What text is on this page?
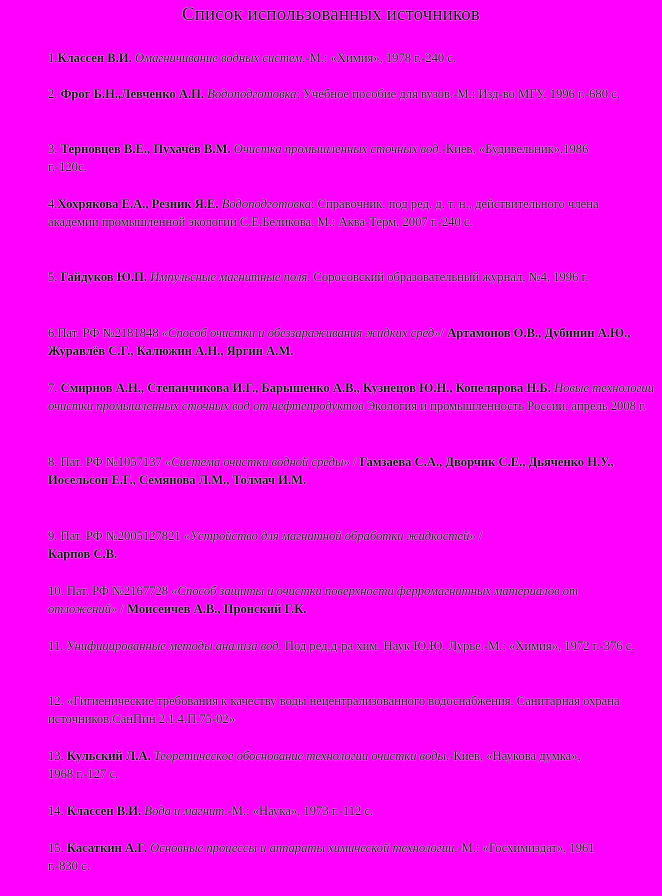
Список использованных источников

1.Классен В.И. Омагничивание водных систем.-М.: «Химия», 1978 г.-240 с.

2. Фрог Б.Н.,Левченко А.П. Водоподготовка: Учебное пособие для вузов.-М.: Изд-во МГУ, 1996 г.-680 с.

3. Терновцев В.Е., Пухачёв В.М. Очистка промышленных сточных вод.-Киев, «Будивельник»,1986 г.-120с.

4.Хохрякова Е.А., Резник Я.Е. Водоподготовка: Справочник. под ред. д. т. н., действительного члена академии промышленной экологии С.Е.Беликова. М.: Аква-Терм, 2007 г.-240 с.

5. Гайдуков Ю.П. Импульсные магнитные поля. Соросовский образовательный журнал, №4, 1996 г.

6.Пат. РФ №2181848 «Способ очистки и обеззараживания жидких сред»/ Артамонов О.В., Дубинин А.Ю., Журавлёв С.Г., Калюжин А.Н., Яргин А.М.

7. Смирнов А.Н., Степанчикова И.Г., Барышенко А.В., Кузнецов Ю.Н., Копелярова Н.Б. Новые технологии очистки промышленных сточных вод от нефтепродуктов Экология и промышленность России, апрель 2008 г.

8. Пат. РФ №1057137 «Система очистки водной среды» / Гамзаева С.А., Дворчик С.Е., Дьяченко Н.У., Иосельсон Е.Г., Семянова Л.М., Толмач И.М.

9. Пат. РФ №2005127821 «Устройство для магнитной обработки жидкостей» /Карпов С.В.

10. Пат. РФ №2167728 «Способ защиты и очистки поверхности ферромагнитных материалов от отложений» / Моисеичев А.В., Пронский Г.К.

11. Унифицированные методы анализа вод. Под ред.д-ра хим. Наук Ю.Ю. Лурье.-М.: «Химия», 1972 г.-376 с.

12. «Гигиенические требования к качеству воды нецентрализованного водоснабжения. Санитарная охрана источников.СанПин 2.1.4.П.75-02»

13. Кульский Л.А. Теоретическое обоснование технологии очистки воды.-Киев, «Наукова думка», 1968 г.-127 с.

14. Классен В.И. Вода и магнит.-М.: «Наука», 1973 г.-112 с.

15. Касаткин А.Г. Основные процессы и аппараты химической технологии.-М.: «Госхимиздат», 1961 г.-830 с.
